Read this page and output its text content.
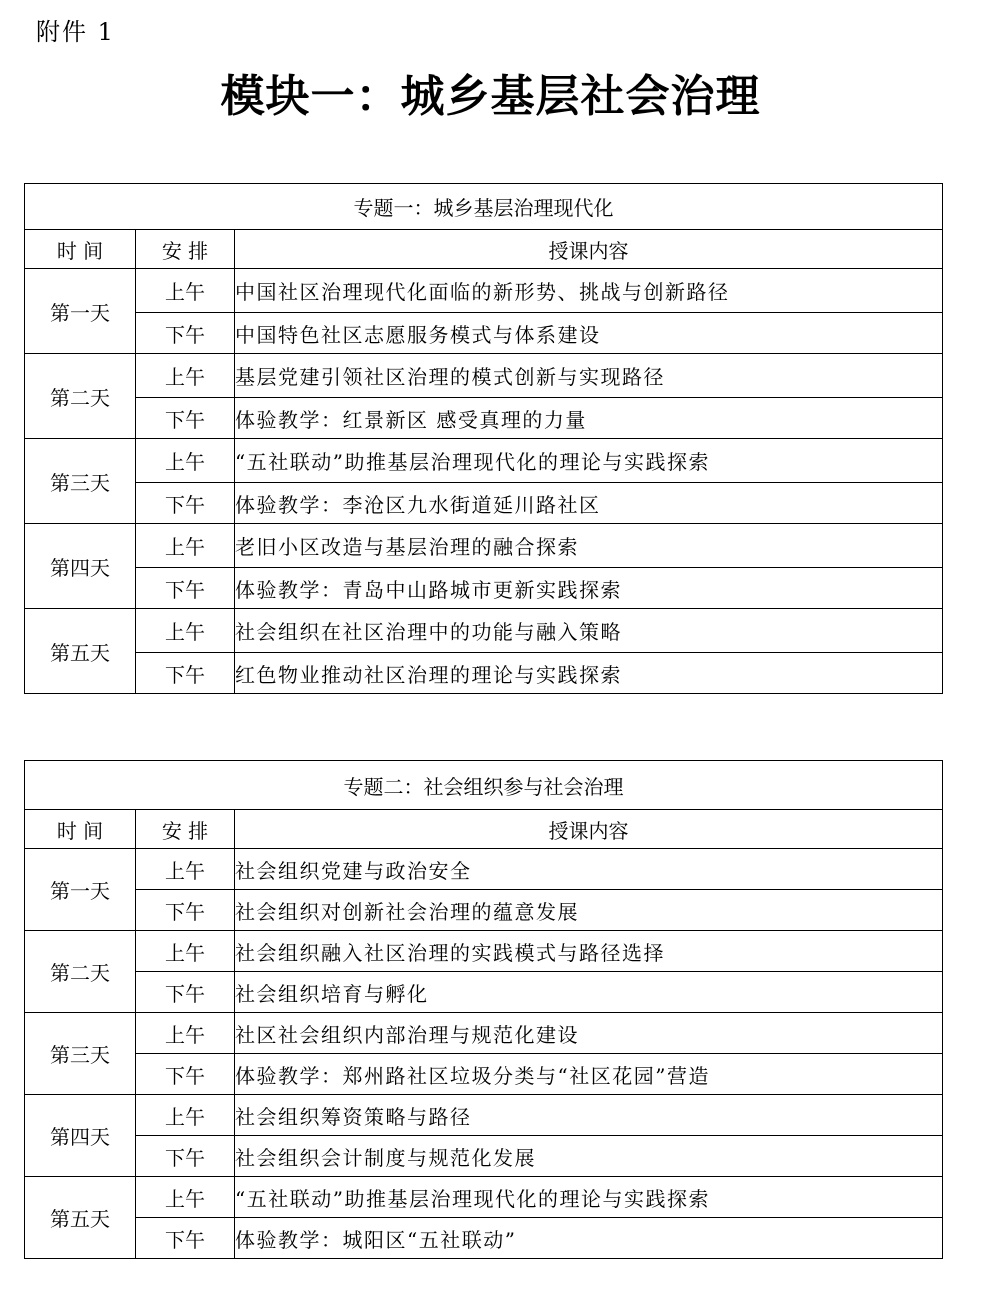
附件 1
模块一：城乡基层社会治理
专题一：城乡基层治理现代化		
时 间	安 排	授课内容
第一天	上午	中国社区治理现代化面临的新形势、挑战与创新路径
	下午	中国特色社区志愿服务模式与体系建设
第二天	上午	基层党建引领社区治理的模式创新与实现路径
	下午	体验教学：红景新区 感受真理的力量
第三天	上午	“五社联动”助推基层治理现代化的理论与实践探索
	下午	体验教学：李沧区九水街道延川路社区
第四天	上午	老旧小区改造与基层治理的融合探索
	下午	体验教学：青岛中山路城市更新实践探索
第五天	上午	社会组织在社区治理中的功能与融入策略
	下午	红色物业推动社区治理的理论与实践探索
专题二：社会组织参与社会治理		
时 间	安 排	授课内容
第一天	上午	社会组织党建与政治安全
	下午	社会组织对创新社会治理的蕴意发展
第二天	上午	社会组织融入社区治理的实践模式与路径选择
	下午	社会组织培育与孵化
第三天	上午	社区社会组织内部治理与规范化建设
	下午	体验教学：郑州路社区垃圾分类与“社区花园”营造
第四天	上午	社会组织筹资策略与路径
	下午	社会组织会计制度与规范化发展
第五天	上午	“五社联动”助推基层治理现代化的理论与实践探索
	下午	体验教学：城阳区“五社联动”
